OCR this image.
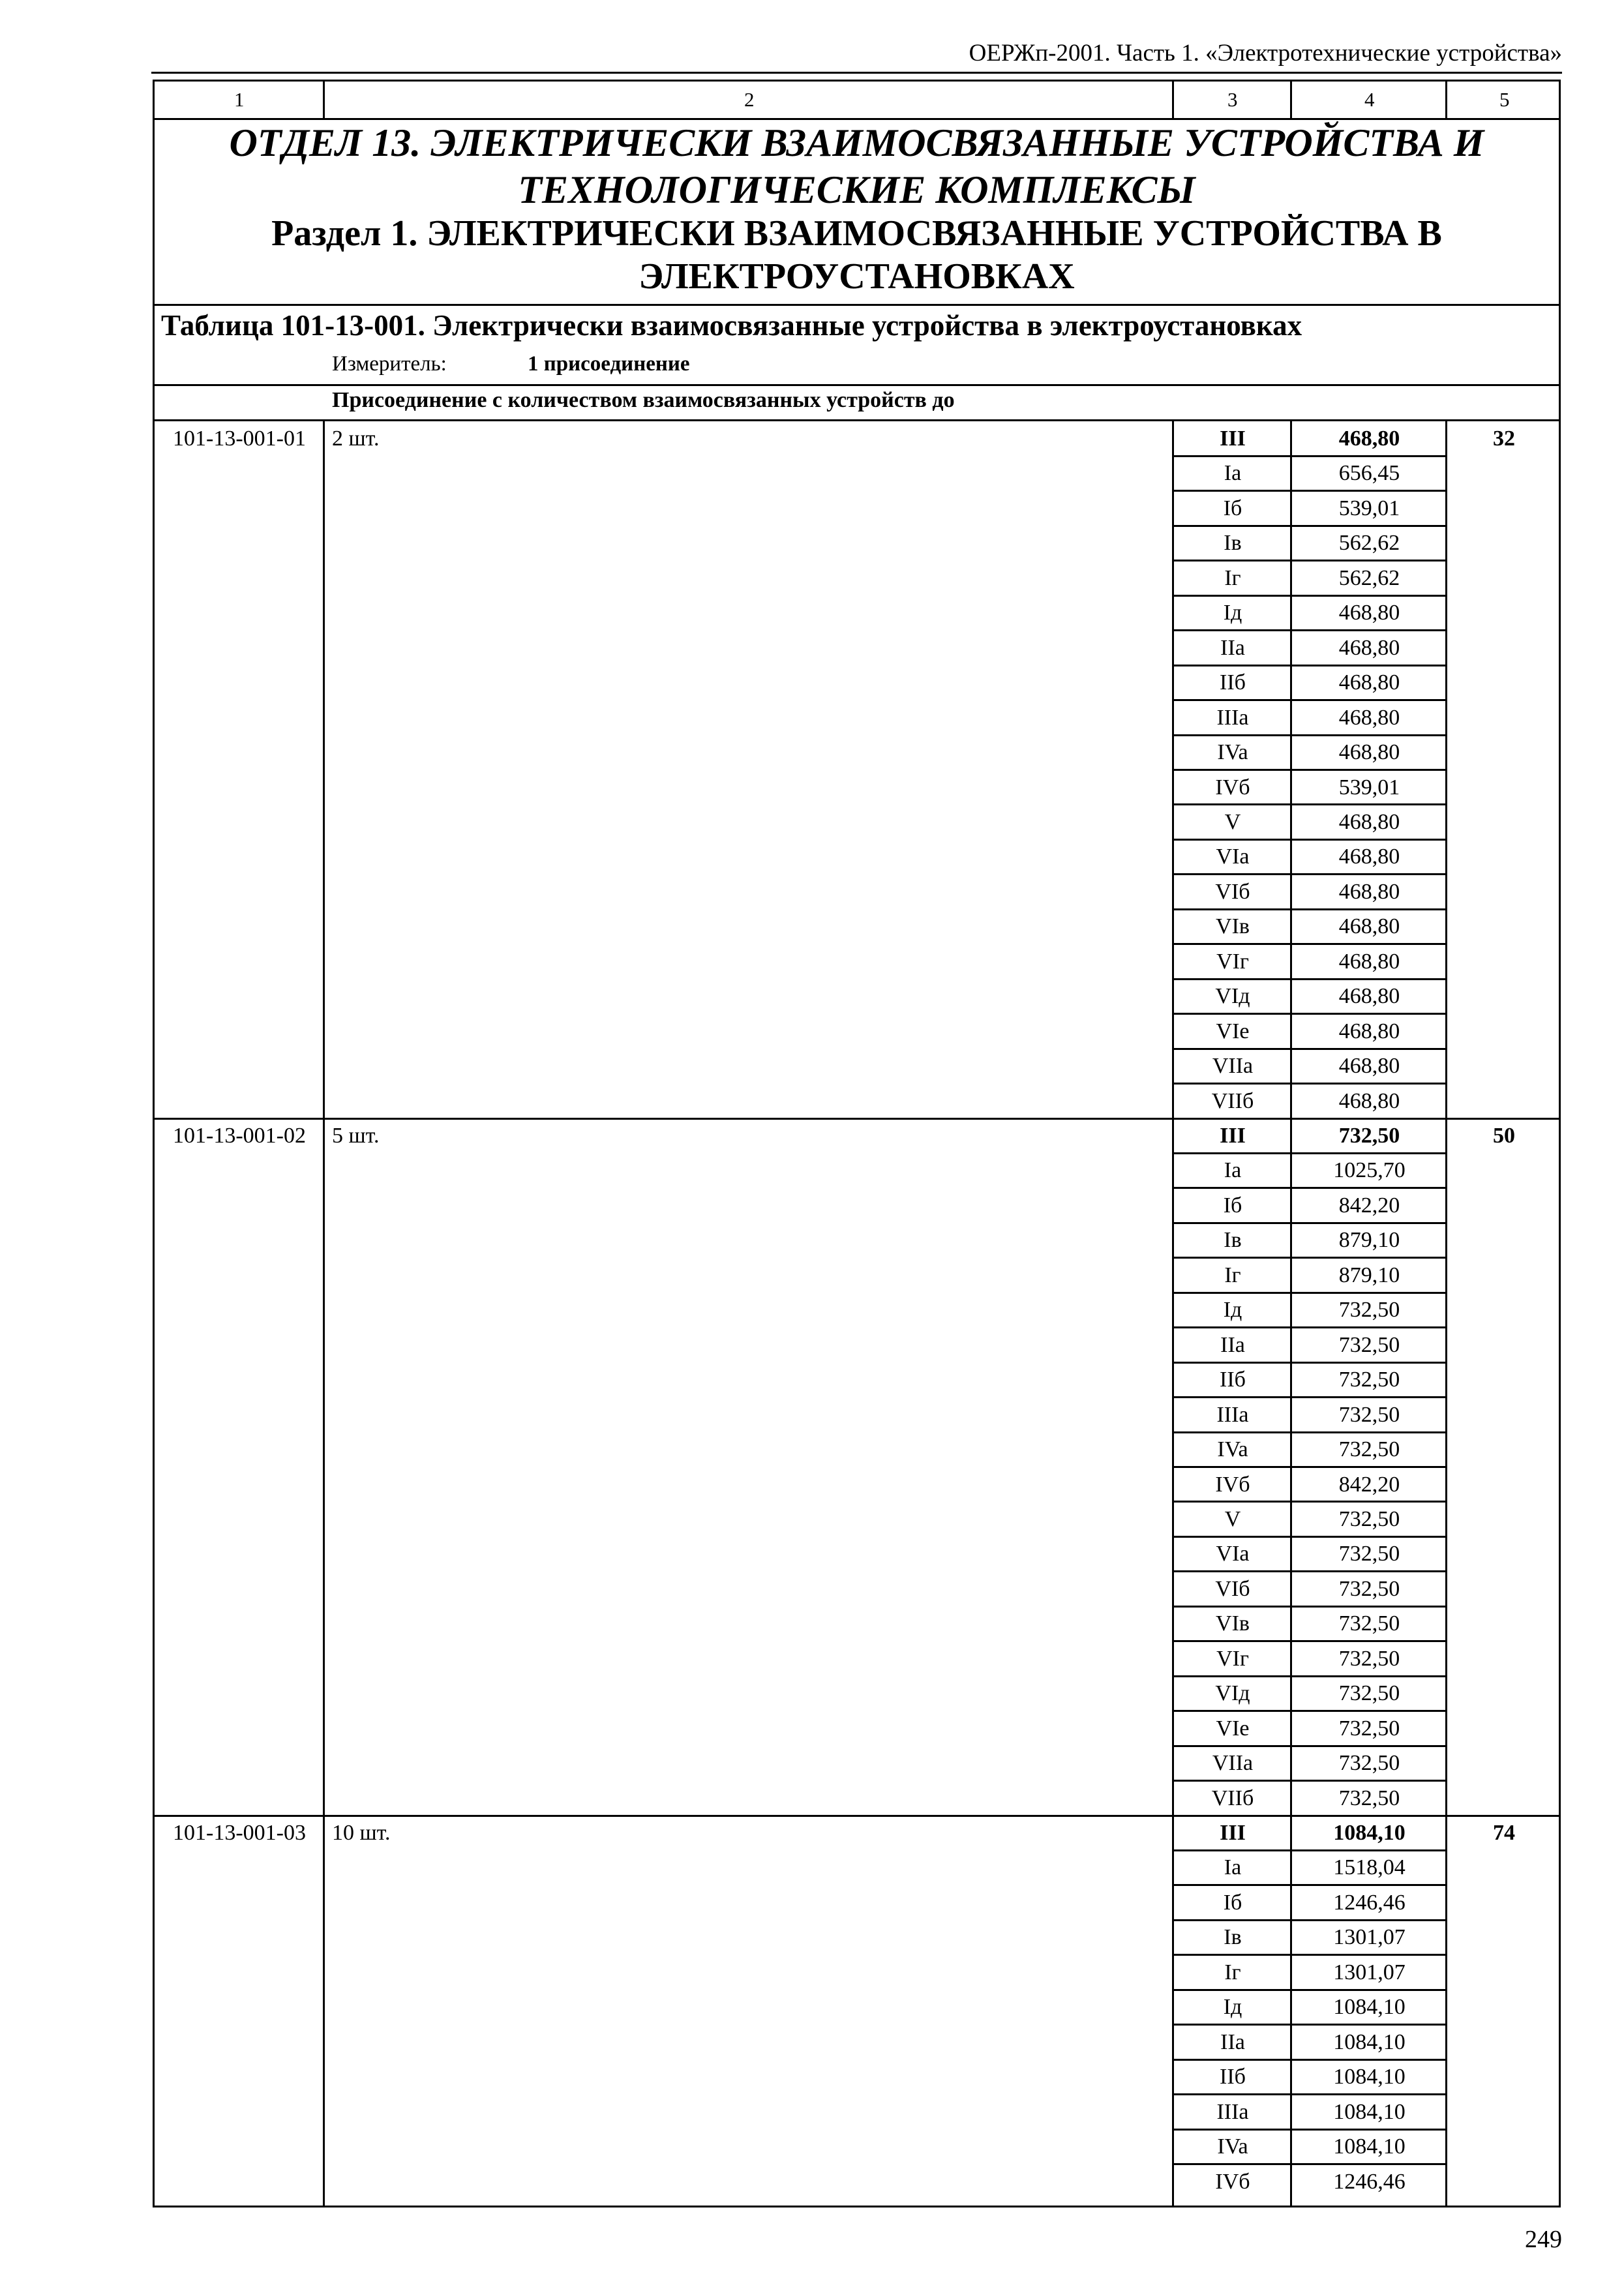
ОЕРЖп-2001. Часть 1. «Электротехнические устройства»
1	2	3	4	5
ОТДЕЛ 13. ЭЛЕКТРИЧЕСКИ ВЗАИМОСВЯЗАННЫЕ УСТРОЙСТВА И ТЕХНОЛОГИЧЕСКИЕ КОМПЛЕКСЫ
Раздел 1. ЭЛЕКТРИЧЕСКИ ВЗАИМОСВЯЗАННЫЕ УСТРОЙСТВА В ЭЛЕКТРОУСТАНОВКАХ
Таблица 101-13-001. Электрически взаимосвязанные устройства в электроустановках
Измеритель:	1 присоединение
Присоединение с количеством взаимосвязанных устройств до
101-13-001-01	2 шт.	32
III	468,80
Ia	656,45
Iб	539,01
Iв	562,62
Iг	562,62
Iд	468,80
IIa	468,80
IIб	468,80
IIIa	468,80
IVa	468,80
IVб	539,01
V	468,80
VIa	468,80
VIб	468,80
VIв	468,80
VIг	468,80
VIд	468,80
VIe	468,80
VIIa	468,80
VIIб	468,80
101-13-001-02	5 шт.	50
III	732,50
Ia	1025,70
Iб	842,20
Iв	879,10
Iг	879,10
Iд	732,50
IIa	732,50
IIб	732,50
IIIa	732,50
IVa	732,50
IVб	842,20
V	732,50
VIa	732,50
VIб	732,50
VIв	732,50
VIг	732,50
VIд	732,50
VIe	732,50
VIIa	732,50
VIIб	732,50
101-13-001-03	10 шт.	74
III	1084,10
Ia	1518,04
Iб	1246,46
Iв	1301,07
Iг	1301,07
Iд	1084,10
IIa	1084,10
IIб	1084,10
IIIa	1084,10
IVa	1084,10
IVб	1246,46
249
